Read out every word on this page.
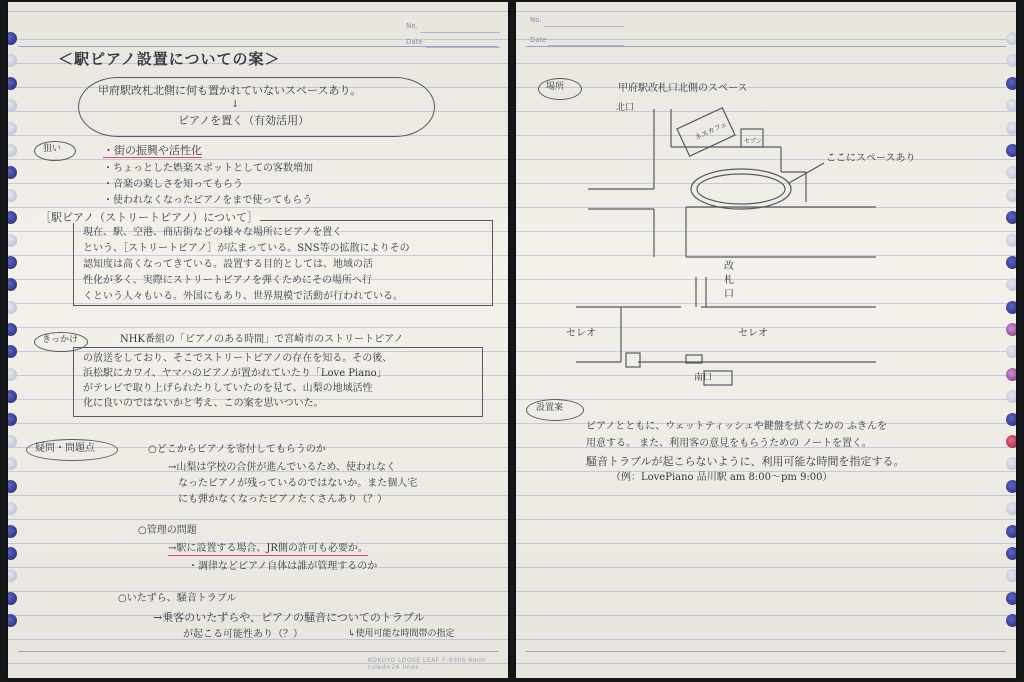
No.
Date
KOKUYO LOOSE LEAF F-930S 6mm ruled×26 lines
＜駅ピアノ設置についての案＞
甲府駅改札北側に何も置かれていないスペースあり。
↓
ピアノを置く（有効活用）
狙い	・街の振興や活性化
・ちょっとした娯楽スポットとしての客数増加
・音楽の楽しさを知ってもらう
・使われなくなったピアノをまで使ってもらう
［駅ピアノ（ストリートピアノ）について］
現在、駅、空港、商店街などの様々な場所にピアノを置く
という、［ストリートピアノ］が広まっている。SNS等の拡散によりその
認知度は高くなってきている。設置する目的としては、地域の活
性化が多く、実際にストリートピアノを弾くためにその場所へ行
くという人々もいる。外国にもあり、世界規模で活動が行われている。
きっかけ	NHK番組の「ピアノのある時間」で宮崎市のストリートピアノ
の放送をしており、そこでストリートピアノの存在を知る。その後、
浜松駅にカワイ、ヤマハのピアノが置かれていたり「Love Piano」
がテレビで取り上げられたりしていたのを見て、山梨の地域活性
化に良いのではないかと考え、この案を思いついた。
疑問・問題点	○どこからピアノを寄付してもらうのか
→山梨は学校の合併が進んでいるため、使われなく
なったピアノが残っているのではないか。また個人宅
にも弾かなくなったピアノたくさんあり（？）
○管理の問題
→駅に設置する場合、JR側の許可も必要か。
・調律などピアノ自体は誰が管理するのか
○いたずら、騒音トラブル
→乗客のいたずらや、ピアノの騒音についてのトラブル
が起こる可能性あり（？）	↳使用可能な時間帯の指定
No.
Date
場所	甲府駅改札口北側のスペース
北口
南口
改札口
セレオ	セレオ
ネスカフェ	セブン
ここにスペースあり
設置案
ピアノとともに、ウェットティッシュや鍵盤を拭くための ふきんを
用意する。 また、利用客の意見をもらうための ノートを置く。
騒音トラブルが起こらないように、利用可能な時間を指定する。
（例：LovePiano 品川駅 am 8:00〜pm 9:00）
